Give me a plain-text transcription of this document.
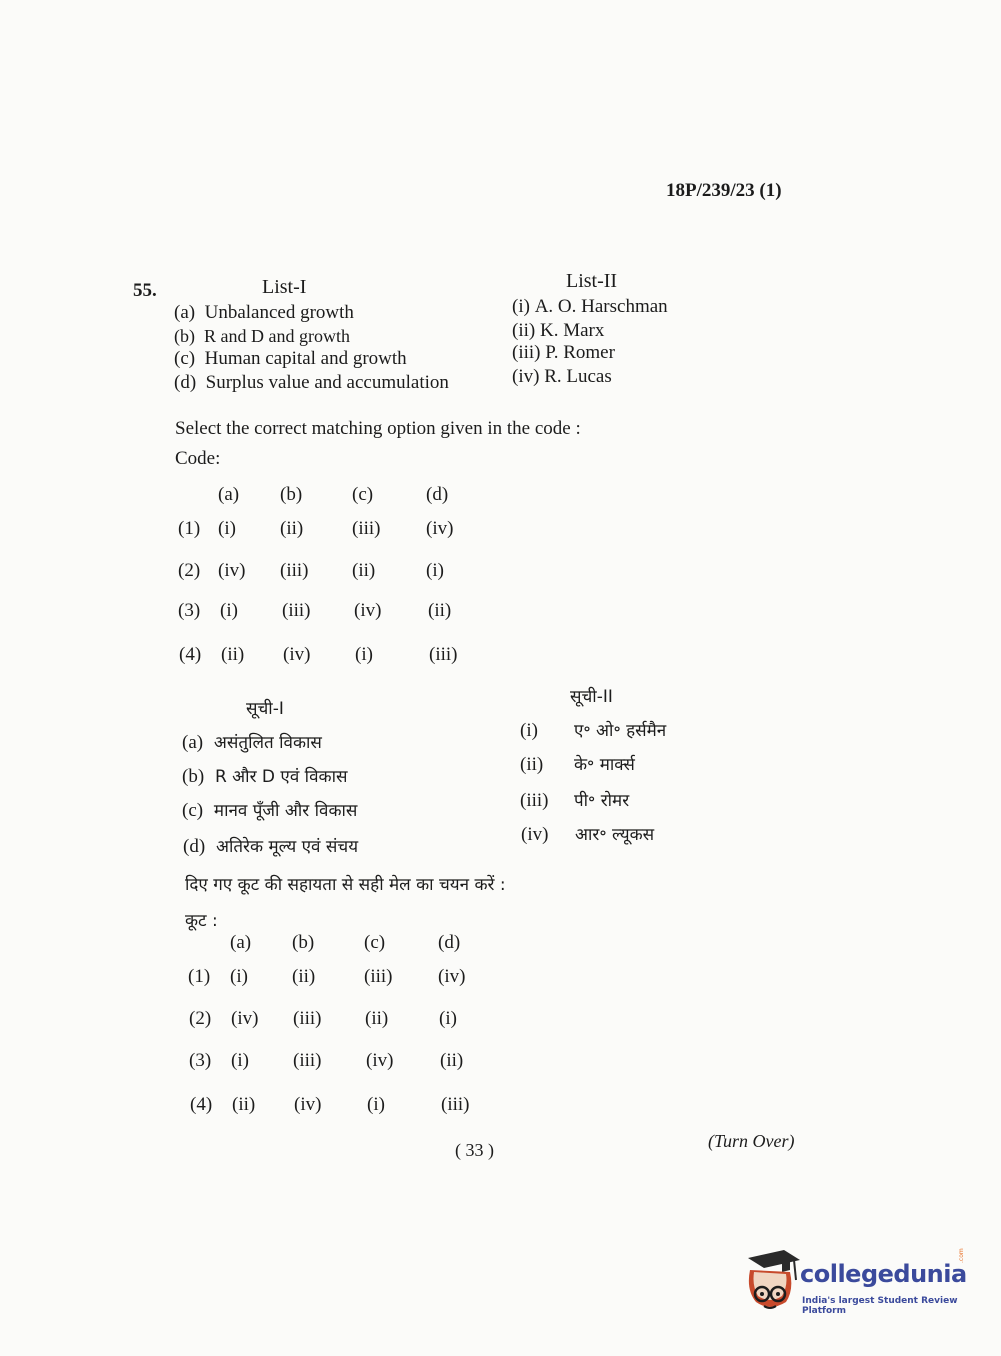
18P/239/23 (1)
55.	List-I	List-II
(a) Unbalanced growth
(b) R and D and growth
(c) Human capital and growth
(d) Surplus value and accumulation
(i) A. O. Harschman
(ii) K. Marx
(iii) P. Romer
(iv) R. Lucas
Select the correct matching option given in the code :
Code:
(a) (b)	(c)	(d)
(1) (i) (ii)	(iii) (iv)
(2) (iv) (iii) (ii)	(i)
(3) (i) (iii) (iv) (ii)
(4) (ii) (iv) (i)	(iii)
सूची-I
सूची-II
(a) असंतुलित विकास
(b) R और D एवं विकास
(c) मानव पूँजी और विकास
(d) अतिरेक मूल्य एवं संचय
(i) ए॰ ओ॰ हर्समैन
(ii) के॰ मार्क्स
(iii) पी॰ रोमर
(iv) आर॰ ल्यूकस
दिए गए कूट की सहायता से सही मेल का चयन करें :
कूट :
(a) (b)	(c)	(d)
(1) (i) (ii)	(iii) (iv)
(2) (iv) (iii) (ii)	(i)
(3) (i) (iii) (iv) (ii)
(4) (ii) (iv) (i)	(iii)
( 33 )	(Turn Over)
collegedunia
.com
India's largest Student Review Platform
